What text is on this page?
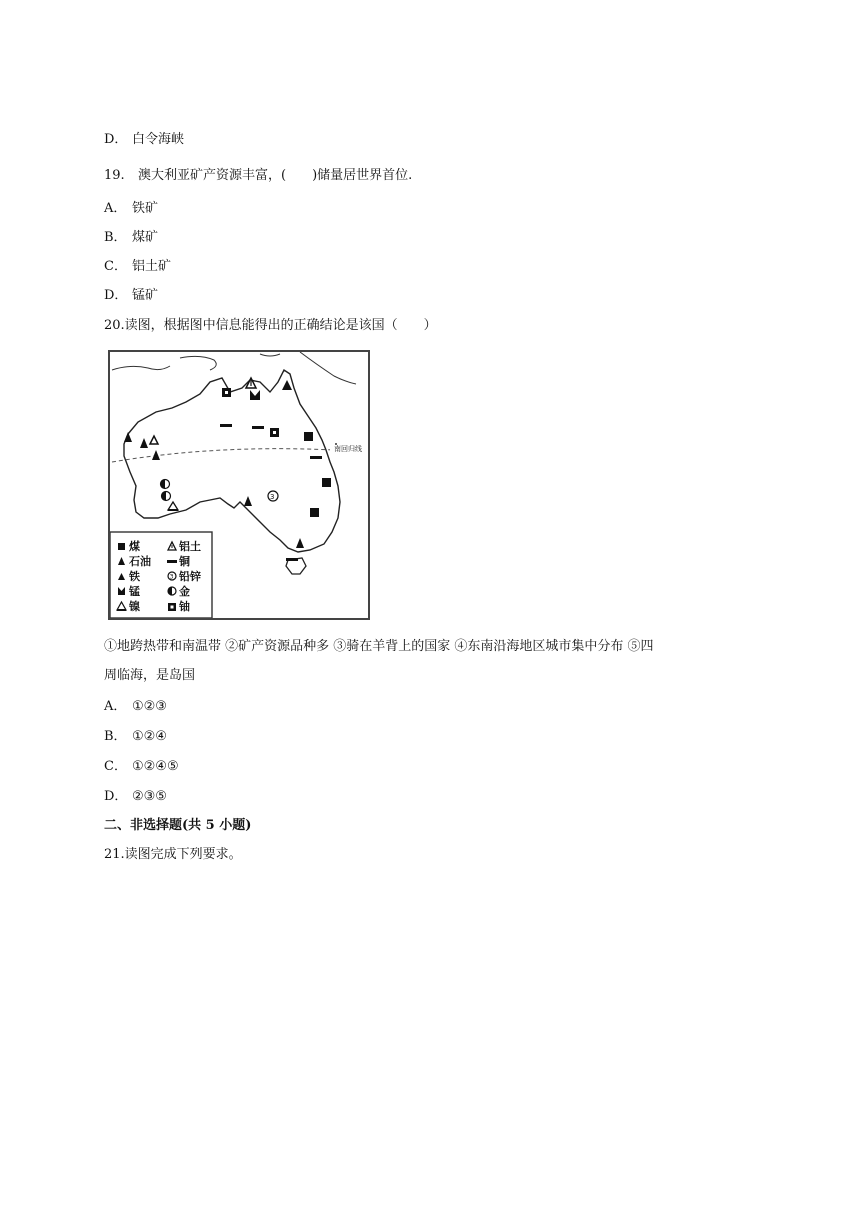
D． 白令海峡
19. 澳大利亚矿产资源丰富，(　　)储量居世界首位.
A． 铁矿
B． 煤矿
C． 铝土矿
D． 锰矿
20.读图，根据图中信息能得出的正确结论是该国（　　）
南回归线
3
煤	铝土
石油	铜
铁	3 铅锌
锰	金
镍	铀
①地跨热带和南温带 ②矿产资源品种多 ③骑在羊背上的国家 ④东南沿海地区城市集中分布 ⑤四
周临海，是岛国
A． ①②③
B． ①②④
C． ①②④⑤
D． ②③⑤
二、非选择题(共 5 小题)
21.读图完成下列要求。
